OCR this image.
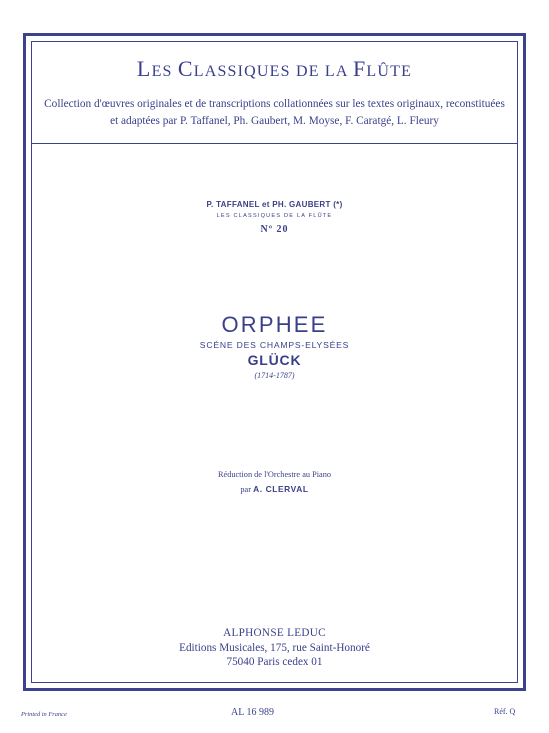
LES CLASSIQUES DE LA FLÛTE
Collection d'œuvres originales et de transcriptions collationnées sur les textes originaux, reconstituées
et adaptées par P. Taffanel, Ph. Gaubert, M. Moyse, F. Caratgé, L. Fleury
P. TAFFANEL et PH. GAUBERT (*)
LES CLASSIQUES DE LA FLÛTE
Nº 20
ORPHEE
SCÉNE DES CHAMPS-ELYSÉES
GLÜCK
(1714-1787)
Réduction de l'Orchestre au Piano
par A. CLERVAL
ALPHONSE LEDUC
Editions Musicales, 175, rue Saint-Honoré
75040 Paris cedex 01
Printed in France	AL 16 989	Réf. Q
